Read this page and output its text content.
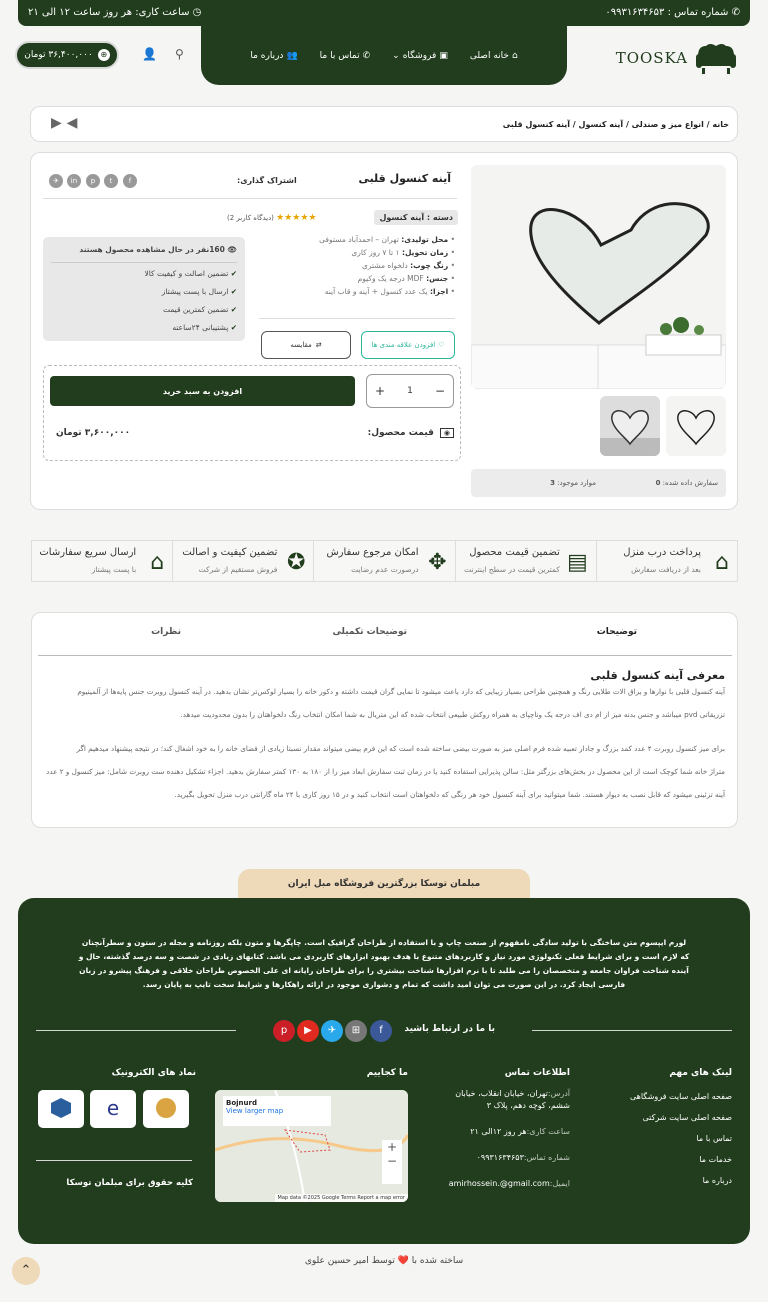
✆ شماره تماس : ۰۹۹۳۱۶۳۴۶۵۳
◷ ساعت کاری: هر روز ساعت ۱۲ الی ۲۱
TOOSKA
⌂
خانه اصلی
▣
فروشگاه
⌄
✆
تماس با ما
👥
درباره ما
⚲
👤
⊕
۳۶,۴۰۰,۰۰۰ تومان
خانه / انواع میز و صندلی / آینه کنسول / آینه کنسول قلبی
◀ ▶
سفارش داده شده: 0
موارد موجود: 3
آینه کنسول قلبی
اشتراک گذاری:
f
t
p
in
✈
دسته : آینه کنسول
• محل تولیدی: تهران – احمدآباد مستوفی
• زمان تحویل: ۱ تا ۷ روز کاری
• رنگ چوب: دلخواه مشتری
• جنس: MDF درجه یک وکیوم
• اجزا: یک عدد کنسول + آینه و قاب آینه
★★★★★ (دیدگاه کاربر 2)
👁 160نفر در حال مشاهده محصول هستند
✔ تضمین اصالت و کیفیت کالا
✔ ارسال با پست پیشتاز
✔ تضمین کمترین قیمت
✔ پشتیبانی ۲۴ساعته
♡
افزودن علاقه مندی ها
⇄
مقایسه
−
1
+
افزودن به سبد خرید
◉
قیمت محصول:
۳,۶۰۰,۰۰۰ تومان
⌂
پرداخت درب منزل
بعد از دریافت سفارش
▤
تضمین قیمت محصول
کمترین قیمت در سطح اینترنت
✥
امکان مرجوع سفارش
درصورت عدم رضایت
✪
تضمین کیفیت و اصالت
فروش مستقیم از شرکت
⌂
ارسال سریع سفارشات
با پست پیشتاز
توضیحات
توضیحات تکمیلی
نظرات
معرفی آینه کنسول قلبی
آینه کنسول قلبی با نوارها و یراق الات طلایی رنگ و همچنین طراحی بسیار زیبایی که دارد باعث میشود تا نمایی گران قیمت داشته و دکور خانه را بسیار لوکس‌تر نشان بدهید. در آینه کنسول روبرت جنس پایه‌ها از آلمینیوم
تزریقاتی pvd میباشد و جنس بدنه میز از ام دی اف درجه یک وناچپای به همراه روکش طبیعی انتخاب شده که این متریال به شما امکان انتخاب رنگ دلخواهتان را بدون محدودیت میدهد.
برای میز کنسول روبرت ۴ عدد کمد بزرگ و جادار تعبیه شده فرم اصلی میز به صورت بیضی ساخته شده است که این فرم بیضی میتواند مقدار نسبتا زیادی از فضای خانه را به خود اشغال کند؛ در نتیجه پیشنهاد میدهیم اگر
متراژ خانه شما کوچک است از این محصول در بخش‌های بزرگتر مثل: سالن پذیرایی استفاده کنید یا در زمان ثبت سفارش ابعاد میز را از ۱۸۰ به ۱۳۰ کمتر سفارش بدهید. اجزاء تشکیل دهنده ست روبرت شامل: میز کنسول و ۲ عدد
آینه تزئینی میشود که قابل نصب به دیوار هستند. شما میتوانید برای آینه کنسول خود هر رنگی که دلخواهتان است انتخاب کنید و در ۱۵ روز کاری با ۲۴ ماه گارانتی درب منزل تحویل بگیرید.
مبلمان توسکا بزرگترین فروشگاه مبل ایران
لورم ایپسوم متن ساختگی با تولید سادگی نامفهوم از صنعت چاپ و با استفاده از طراحان گرافیک است. چاپگرها و متون بلکه روزنامه و مجله در ستون و سطرآنچنان که لازم است و برای شرایط فعلی تکنولوژی مورد نیاز و کاربردهای متنوع با هدف بهبود ابزارهای کاربردی می باشد. کتابهای زیادی در شصت و سه درصد گذشته، حال و آینده شناخت فراوان جامعه و متخصصان را می طلبد تا با نرم افزارها شناخت بیشتری را برای طراحان رایانه ای علی الخصوص طراحان خلاقی و فرهنگ پیشرو در زبان فارسی ایجاد کرد. در این صورت می توان امید داشت که تمام و دشواری موجود در ارائه راهکارها و شرایط سخت تایپ به پایان رسد.
با ما در ارتباط باشید
f
⊞
✈
▶
p
لینک های مهم
صفحه اصلی سایت فروشگاهی
صفحه اصلی سایت شرکتی
تماس با ما
خدمات ما
درباره ما
اطلاعات تماس
آدرس:تهران، خیابان انقلاب، خیابان ششم، کوچه دهم، پلاک ۳
ساعت کاری:هر روز ۱۲الی ۲۱
شماره تماس:۰۹۹۳۱۶۳۴۶۵۳
ایمیل:amirhossein.@gmail.com
ما کجاییم
Bojnurd
View larger map
+
−
Map data ©2025 Google Terms Report a map error
نماد های الکترونیک
e
کلیه حقوق برای مبلمان توسکا
ساخته شده با ❤️ توسط امیر حسین علوی
⌃
